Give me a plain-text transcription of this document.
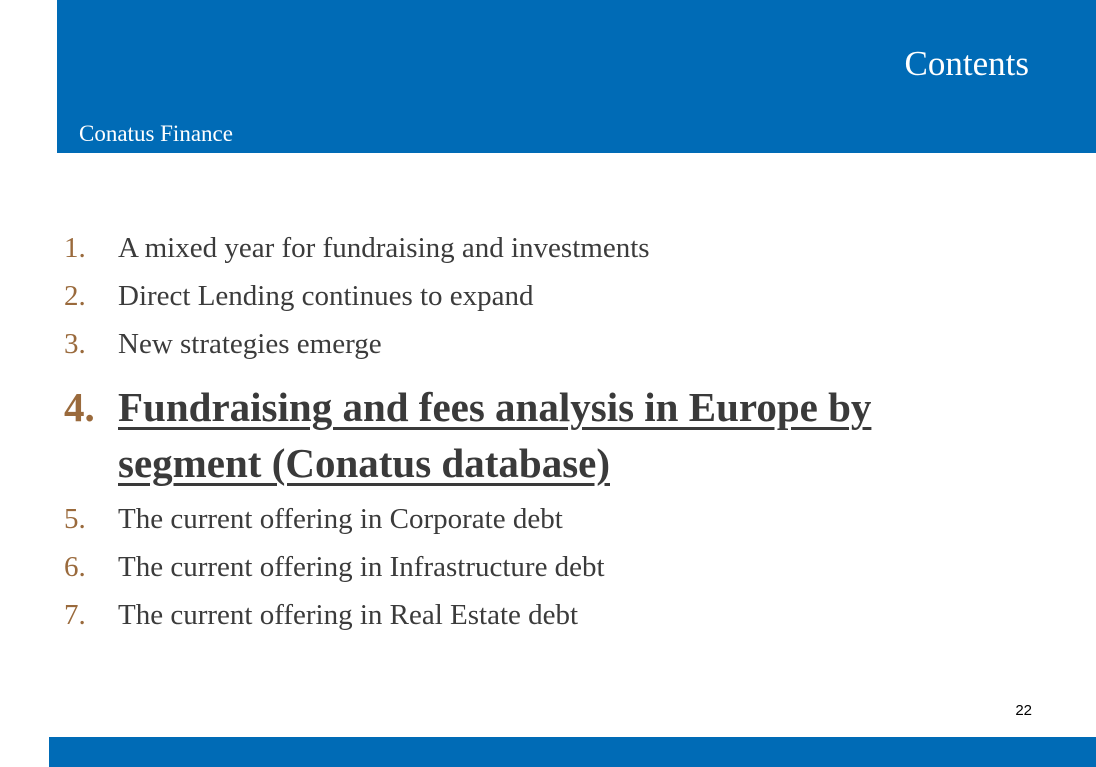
Contents
Conatus Finance
1.	A mixed year for fundraising and investments
2.	Direct Lending continues to expand
3.	New strategies emerge
4. Fundraising and fees analysis in Europe by segment (Conatus database)
5.	The current offering in Corporate debt
6.	The current offering in Infrastructure debt
7.	The current offering in Real Estate debt
22
